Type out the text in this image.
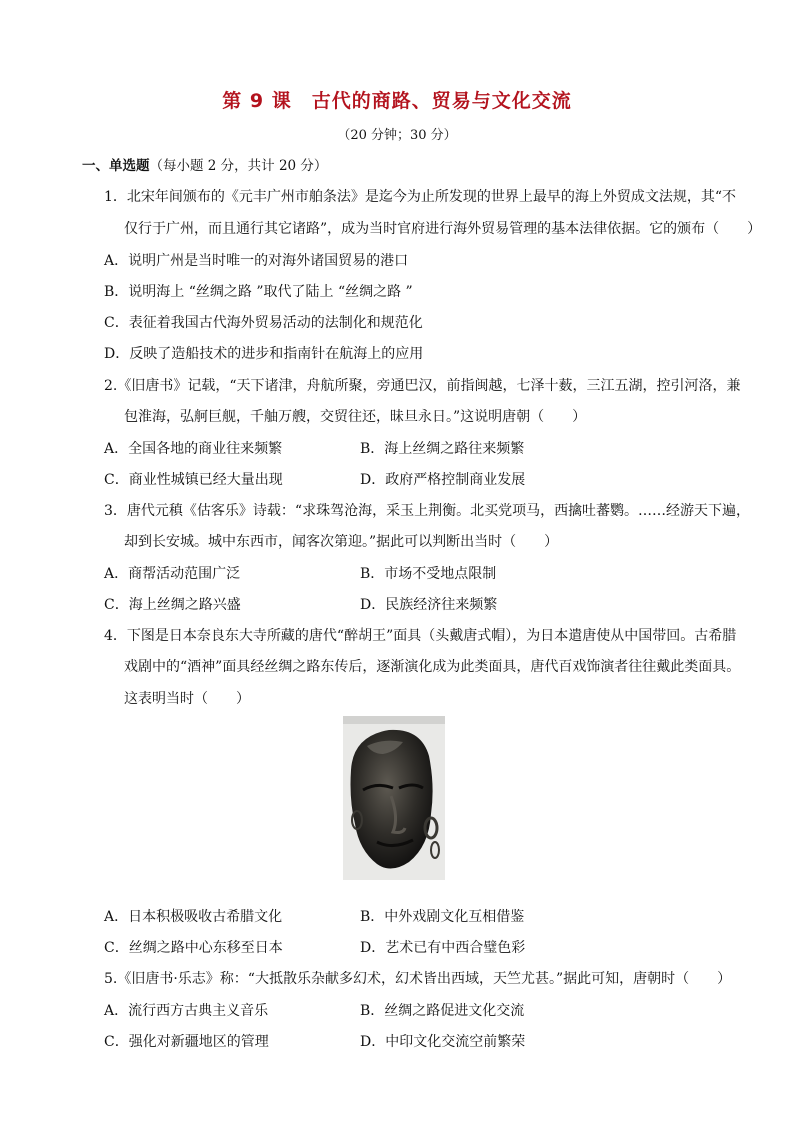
第 9 课　古代的商路、贸易与文化交流
（20 分钟；30 分）
一、单选题（每小题 2 分，共计 20 分）
1．北宋年间颁布的《元丰广州市舶条法》是迄今为止所发现的世界上最早的海上外贸成文法规，其“不
仅行于广州，而且通行其它诸路”，成为当时官府进行海外贸易管理的基本法律依据。它的颁布（　　）
A．说明广州是当时唯一的对海外诸国贸易的港口
B．说明海上 “丝绸之路 ”取代了陆上 “丝绸之路 ”
C．表征着我国古代海外贸易活动的法制化和规范化
D．反映了造船技术的进步和指南针在航海上的应用
2.《旧唐书》记载，“天下诸津，舟航所聚，旁通巴汉，前指闽越，七泽十薮，三江五湖，控引河洛，兼
包淮海，弘舸巨舰，千舳万艘，交贸往还，昧旦永日。”这说明唐朝（　　）
A．全国各地的商业往来频繁	B．海上丝绸之路往来频繁
C．商业性城镇已经大量出现	D．政府严格控制商业发展
3．唐代元稹《估客乐》诗载：“求珠驾沧海，采玉上荆衡。北买党项马，西擒吐蕃鹦。……经游天下遍，
却到长安城。城中东西市，闻客次第迎。”据此可以判断出当时（　　）
A．商帮活动范围广泛	B．市场不受地点限制
C．海上丝绸之路兴盛	D．民族经济往来频繁
4．下图是日本奈良东大寺所藏的唐代“醉胡王”面具（头戴唐式帽），为日本遣唐使从中国带回。古希腊
戏剧中的“酒神”面具经丝绸之路东传后，逐渐演化成为此类面具，唐代百戏饰演者往往戴此类面具。
这表明当时（　　）
A．日本积极吸收古希腊文化	B．中外戏剧文化互相借鉴
C．丝绸之路中心东移至日本	D．艺术已有中西合璧色彩
5.《旧唐书·乐志》称：“大抵散乐杂献多幻术，幻术皆出西域，天竺尤甚。”据此可知，唐朝时（　　）
A．流行西方古典主义音乐	B．丝绸之路促进文化交流
C．强化对新疆地区的管理	D．中印文化交流空前繁荣
